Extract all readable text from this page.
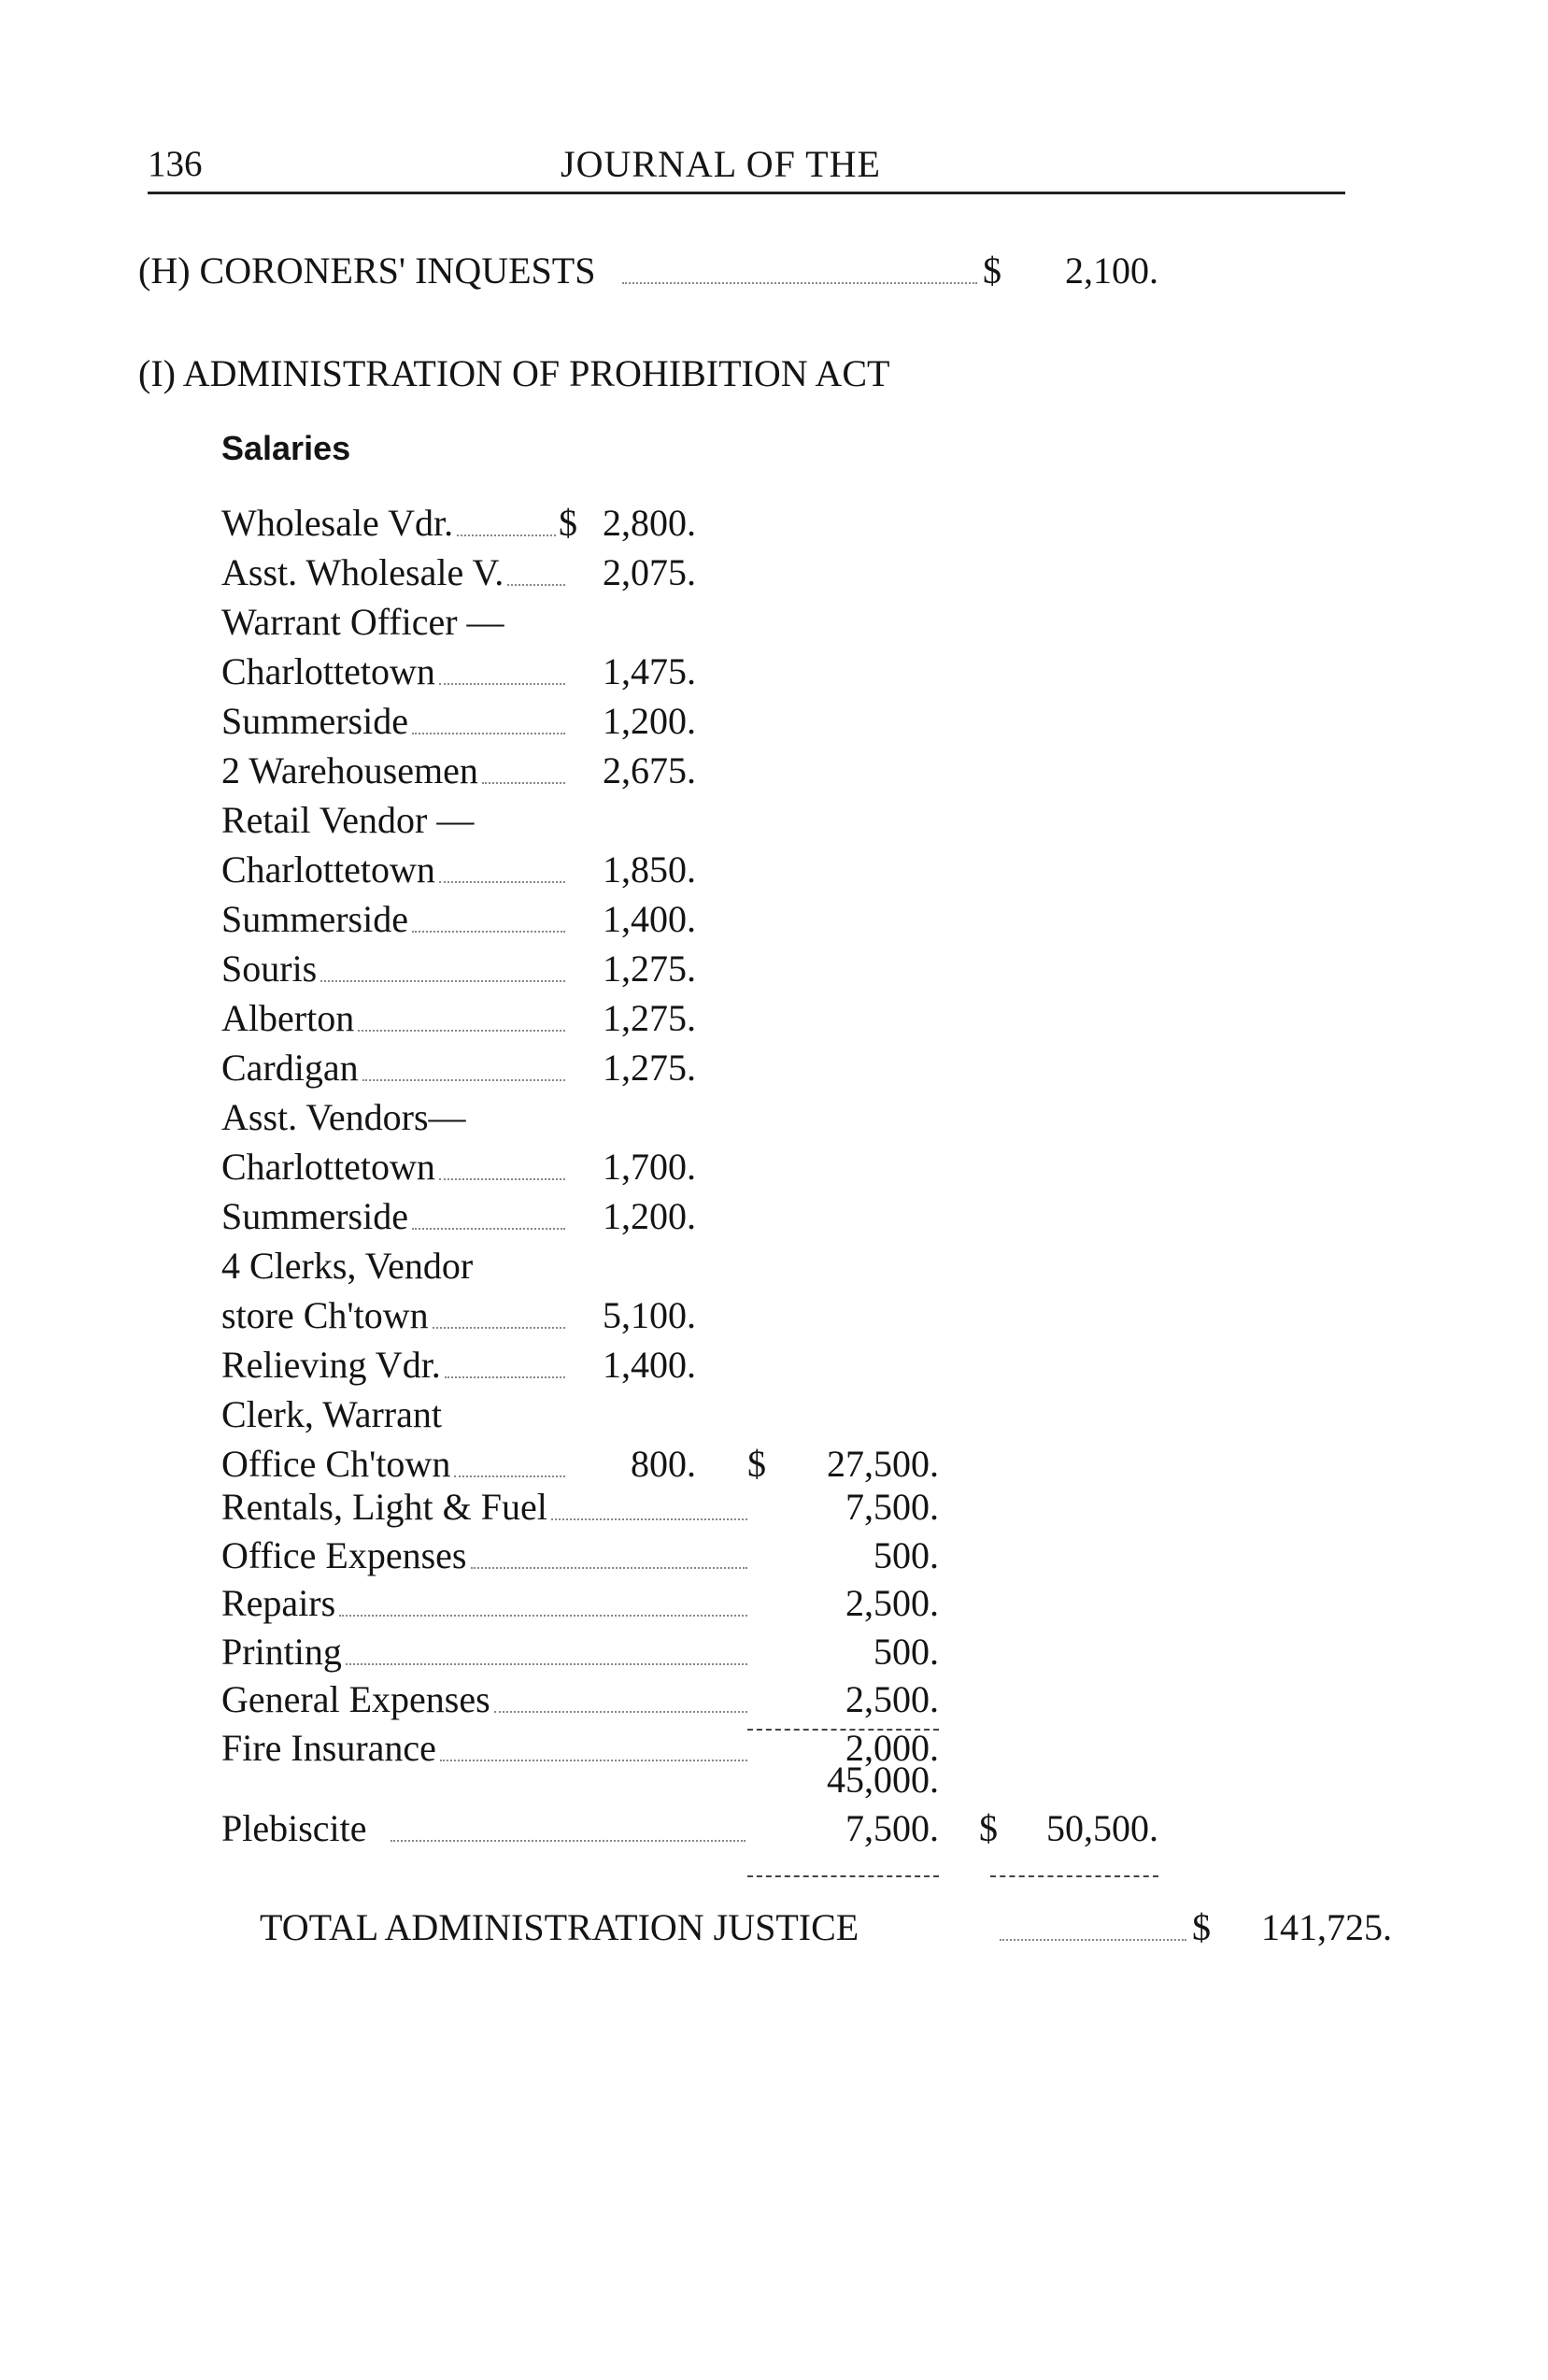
136	JOURNAL OF THE
(H) CORONERS' INQUESTS	$	2,100.
(I) ADMINISTRATION OF PROHIBITION ACT
Salaries
Wholesale Vdr.	$ 2,800.
Asst. Wholesale V.	2,075.
Warrant Officer —
Charlottetown	1,475.
Summerside	1,200.
2 Warehousemen	2,675.
Retail Vendor —
Charlottetown	1,850.
Summerside	1,400.
Souris	1,275.
Alberton	1,275.
Cardigan	1,275.
Asst. Vendors—
Charlottetown	1,700.
Summerside	1,200.
4 Clerks, Vendor
store Ch'town	5,100.
Relieving Vdr.	1,400.
Clerk, Warrant
Office Ch'town	800. $	27,500.
Rentals, Light & Fuel	7,500.
Office Expenses	500.
Repairs	2,500.
Printing	500.
General Expenses	2,500.
Fire Insurance	2,000.
45,000.
Plebiscite	7,500. $	50,500.
TOTAL ADMINISTRATION JUSTICE	$	141,725.
